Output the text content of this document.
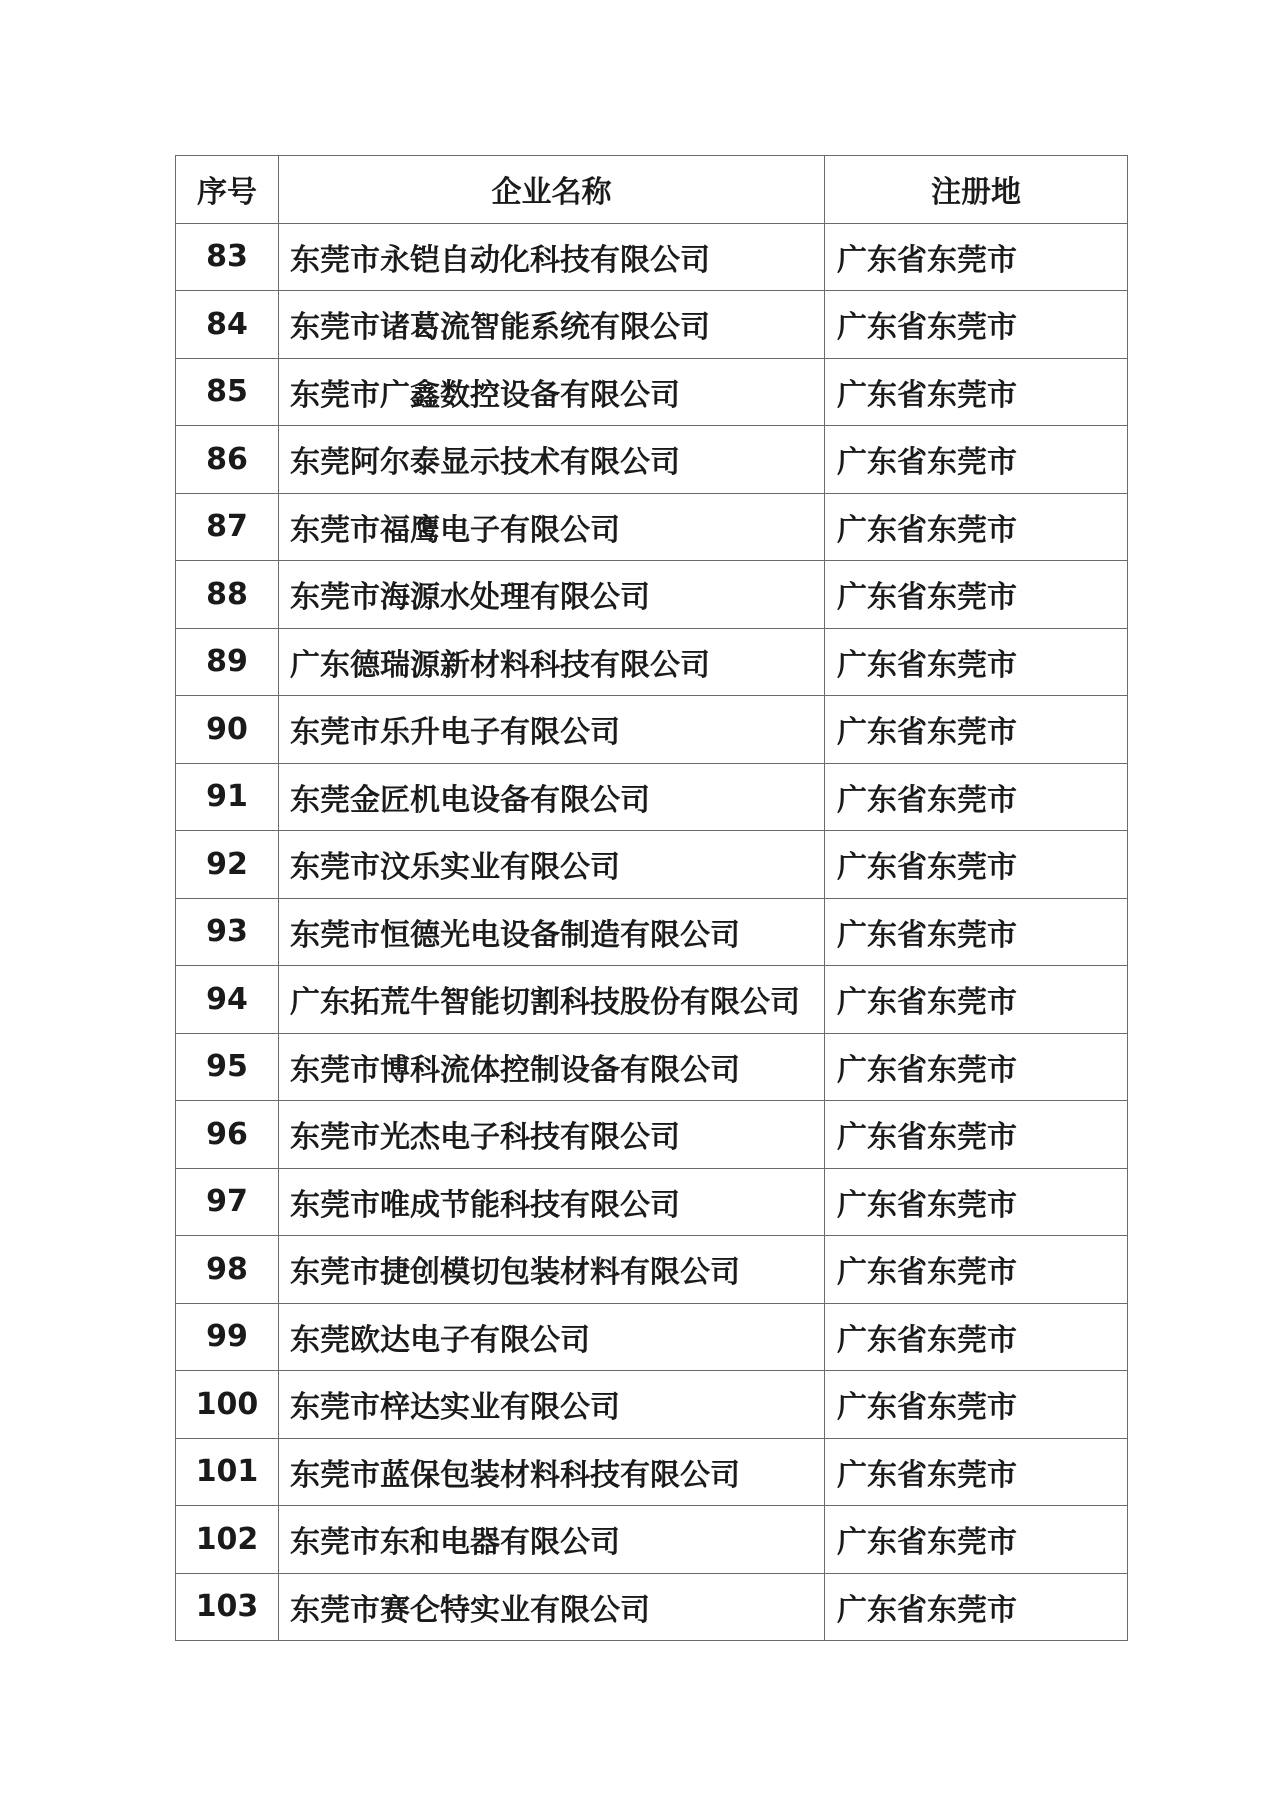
序号	企业名称	注册地
83	东莞市永铠自动化科技有限公司	广东省东莞市
84	东莞市诸葛流智能系统有限公司	广东省东莞市
85	东莞市广鑫数控设备有限公司	广东省东莞市
86	东莞阿尔泰显示技术有限公司	广东省东莞市
87	东莞市福鹰电子有限公司	广东省东莞市
88	东莞市海源水处理有限公司	广东省东莞市
89	广东德瑞源新材料科技有限公司	广东省东莞市
90	东莞市乐升电子有限公司	广东省东莞市
91	东莞金匠机电设备有限公司	广东省东莞市
92	东莞市汶乐实业有限公司	广东省东莞市
93	东莞市恒德光电设备制造有限公司	广东省东莞市
94	广东拓荒牛智能切割科技股份有限公司	广东省东莞市
95	东莞市博科流体控制设备有限公司	广东省东莞市
96	东莞市光杰电子科技有限公司	广东省东莞市
97	东莞市唯成节能科技有限公司	广东省东莞市
98	东莞市捷创模切包装材料有限公司	广东省东莞市
99	东莞欧达电子有限公司	广东省东莞市
100	东莞市梓达实业有限公司	广东省东莞市
101	东莞市蓝保包装材料科技有限公司	广东省东莞市
102	东莞市东和电器有限公司	广东省东莞市
103	东莞市赛仑特实业有限公司	广东省东莞市
